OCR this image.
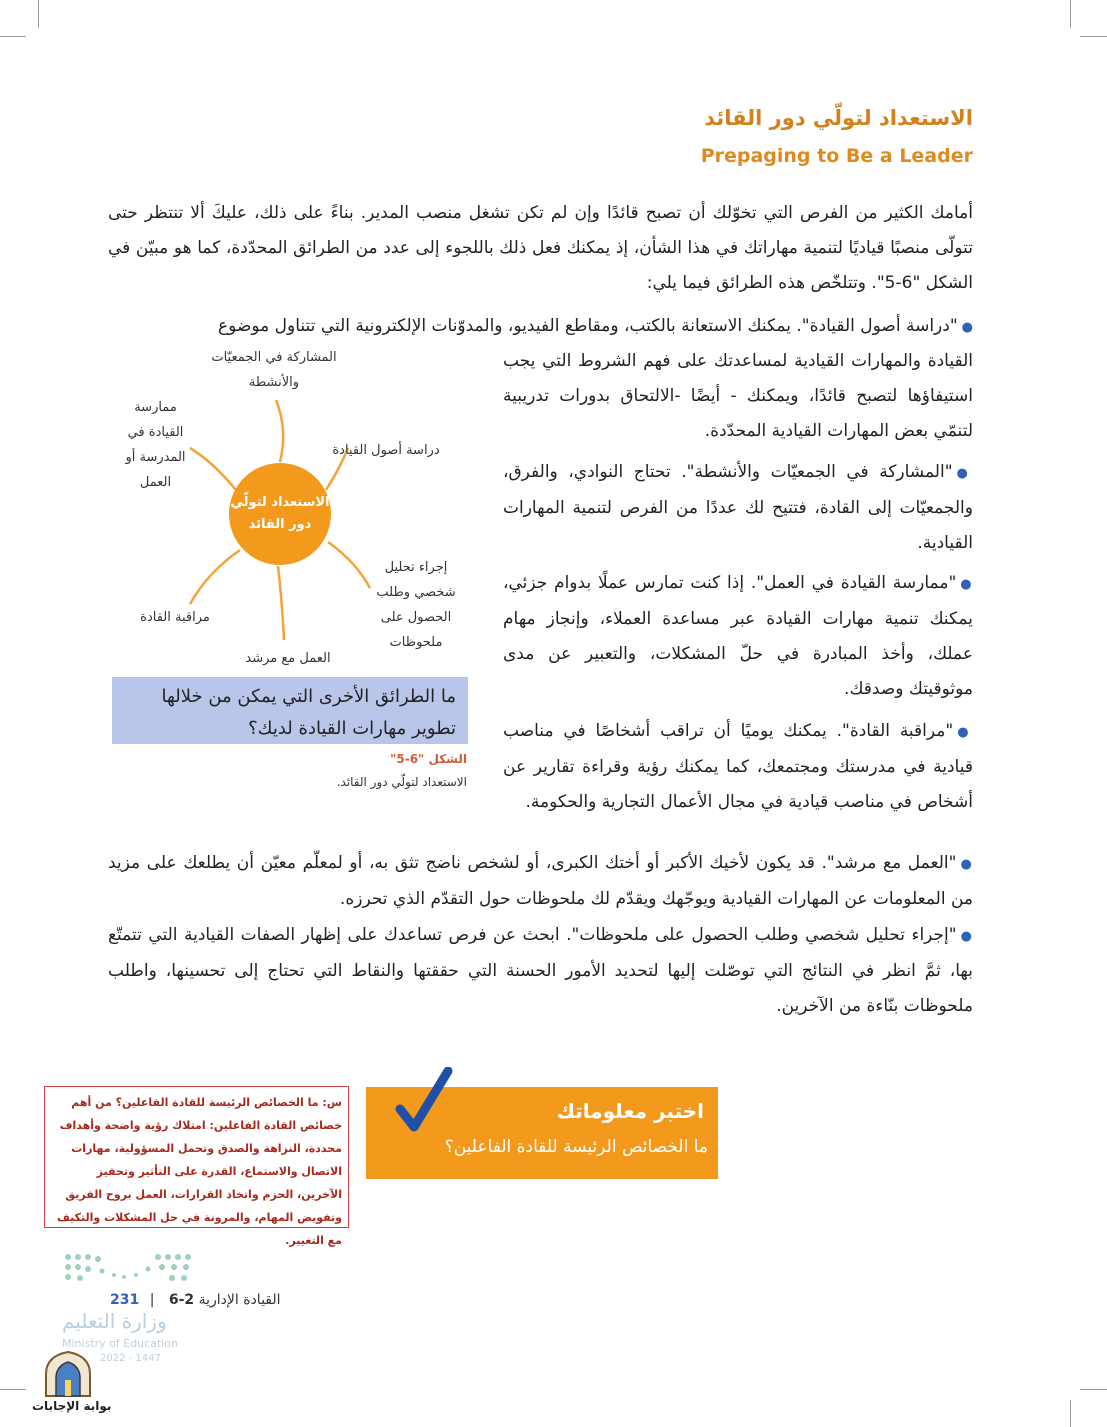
الاستعداد لتولّي دور القائد
Prepaging to Be a Leader
أمامك الكثير من الفرص التي تخوّلك أن تصبح قائدًا وإن لم تكن تشغل منصب المدير. بناءً على ذلك، عليكَ ألا تنتظر حتى تتولّى منصبًا قياديًا لتنمية مهاراتك في هذا الشأن، إذ يمكنك فعل ذلك باللجوء إلى عدد من الطرائق المحدّدة، كما هو مبيّن في الشكل "6-5". وتتلخّص هذه الطرائق فيما يلي:
●"دراسة أصول القيادة". يمكنك الاستعانة بالكتب، ومقاطع الفيديو، والمدوّنات الإلكترونية التي تتناول موضوع
القيادة والمهارات القيادية لمساعدتك على فهم الشروط التي يجب استيفاؤها لتصبح قائدًا، ويمكنك - أيضًا -الالتحاق بدورات تدريبية لتنمّي بعض المهارات القيادية المحدّدة.
●"المشاركة في الجمعيّات والأنشطة". تحتاج النوادي، والفرق، والجمعيّات إلى القادة، فتتيح لك عددًا من الفرص لتنمية المهارات القيادية.
●"ممارسة القيادة في العمل". إذا كنت تمارس عملًا بدوام جزئي، يمكنك تنمية مهارات القيادة عبر مساعدة العملاء، وإنجاز مهام عملك، وأخذ المبادرة في حلّ المشكلات، والتعبير عن مدى موثوقيتك وصدقك.
●"مراقبة القادة". يمكنك يوميًا أن تراقب أشخاصًا في مناصب قيادية في مدرستك ومجتمعك، كما يمكنك رؤية وقراءة تقارير عن أشخاص في مناصب قيادية في مجال الأعمال التجارية والحكومة.
●"العمل مع مرشد". قد يكون لأخيك الأكبر أو أختك الكبرى، أو لشخص ناضج تثق به، أو لمعلّم معيّن أن يطلعك على مزيد من المعلومات عن المهارات القيادية ويوجّهك ويقدّم لك ملحوظات حول التقدّم الذي تحرزه.
●"إجراء تحليل شخصي وطلب الحصول على ملحوظات". ابحث عن فرص تساعدك على إظهار الصفات القيادية التي تتمتّع بها، ثمَّ انظر في النتائج التي توصّلت إليها لتحديد الأمور الحسنة التي حققتها والنقاط التي تحتاج إلى تحسينها، واطلب ملحوظات بنّاءة من الآخرين.
الاستعداد لتولّي دور القائد
المشاركة في الجمعيّات والأنشطة
ممارسة القيادة في المدرسة أو العمل
دراسة أصول القيادة
إجراء تحليل شخصي وطلب الحصول على ملحوظات
مراقبة القادة
العمل مع مرشد
ما الطرائق الأخرى التي يمكن من خلالها تطوير مهارات القيادة لديك؟
الشكل "6-5"
الاستعداد لتولّي دور القائد.
س: ما الخصائص الرئيسة للقادة الفاعلين؟ من أهم خصائص القادة الفاعلين: امتلاك رؤية واضحة وأهداف محددة، النزاهة والصدق وتحمل المسؤولية، مهارات الاتصال والاستماع، القدرة على التأثير وتحفيز الآخرين، الحزم واتخاذ القرارات، العمل بروح الفريق وتفويض المهام، والمرونة في حل المشكلات والتكيف مع التغيير.
اختبر معلوماتك
ما الخصائص الرئيسة للقادة الفاعلين؟
231 |	القيادة الإدارية 2-6
وزارة التعليم
Ministry of Education
2022 - 1447
بوابة الإجابات
